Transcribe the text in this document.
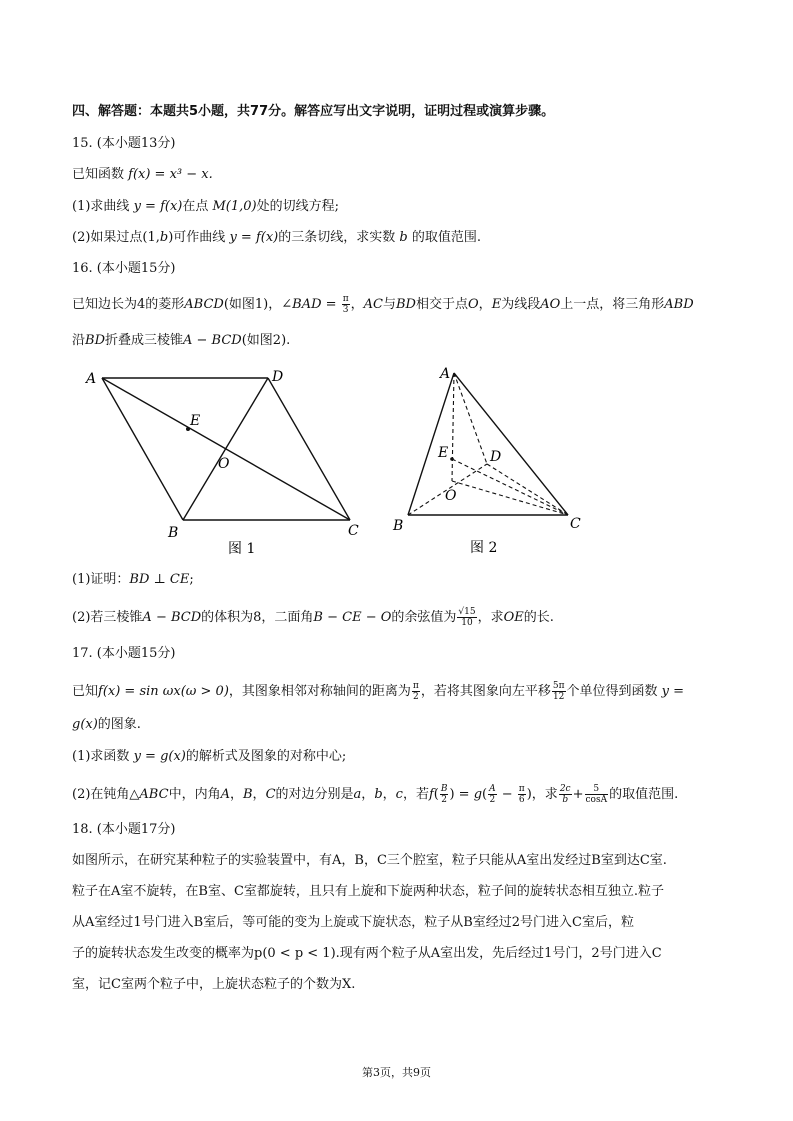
四、解答题：本题共5小题，共77分。解答应写出文字说明，证明过程或演算步骤。
15. (本小题13分)
已知函数 f(x) = x³ − x.
(1)求曲线 y = f(x)在点 M(1,0)处的切线方程;
(2)如果过点(1,b)可作曲线 y = f(x)的三条切线，求实数 b 的取值范围.
16. (本小题15分)
已知边长为4的菱形ABCD(如图1)，∠BAD = $\frac{\pi}{3}$ ，AC与BD相交于点O，E为线段AO上一点，将三角形ABD
沿BD折叠成三棱锥A − BCD(如图2).
A	D
B	C
E
O
图 1
A
B	C
D
E
O
图 2
(1)证明：BD ⊥ CE;
(2)若三棱锥A − BCD的体积为8，二面角B − CE − O的余弦值为 $\frac{√15}{10}$ ，求OE的长.
17. (本小题15分)
已知f(x) = sin ωx(ω > 0)，其图象相邻对称轴间的距离为 $\frac{\pi}{2}$ ，若将其图象向左平移 $\frac{5\pi}{12}$ 个单位得到函数 y =
g(x)的图象.
(1)求函数 y = g(x)的解析式及图象的对称中心;
(2)在钝角△ABC中，内角A，B，C的对边分别是a，b，c，若$f( \frac{B}{2}$ ) = $g( \frac{A}{2} - \frac{\pi}{6}$ )，求 $\frac{2c}{b} + \frac{5}{\cos A}$ 的取值范围.
18. (本小题17分)
如图所示，在研究某种粒子的实验装置中，有A，B，C三个腔室，粒子只能从A室出发经过B室到达C室.
粒子在A室不旋转，在B室、C室都旋转，且只有上旋和下旋两种状态，粒子间的旋转状态相互独立.粒子
从A室经过1号门进入B室后，等可能的变为上旋或下旋状态，粒子从B室经过2号门进入C室后，粒
子的旋转状态发生改变的概率为p(0 < p < 1).现有两个粒子从A室出发，先后经过1号门，2号门进入C
室，记C室两个粒子中，上旋状态粒子的个数为X.
第3页，共9页
